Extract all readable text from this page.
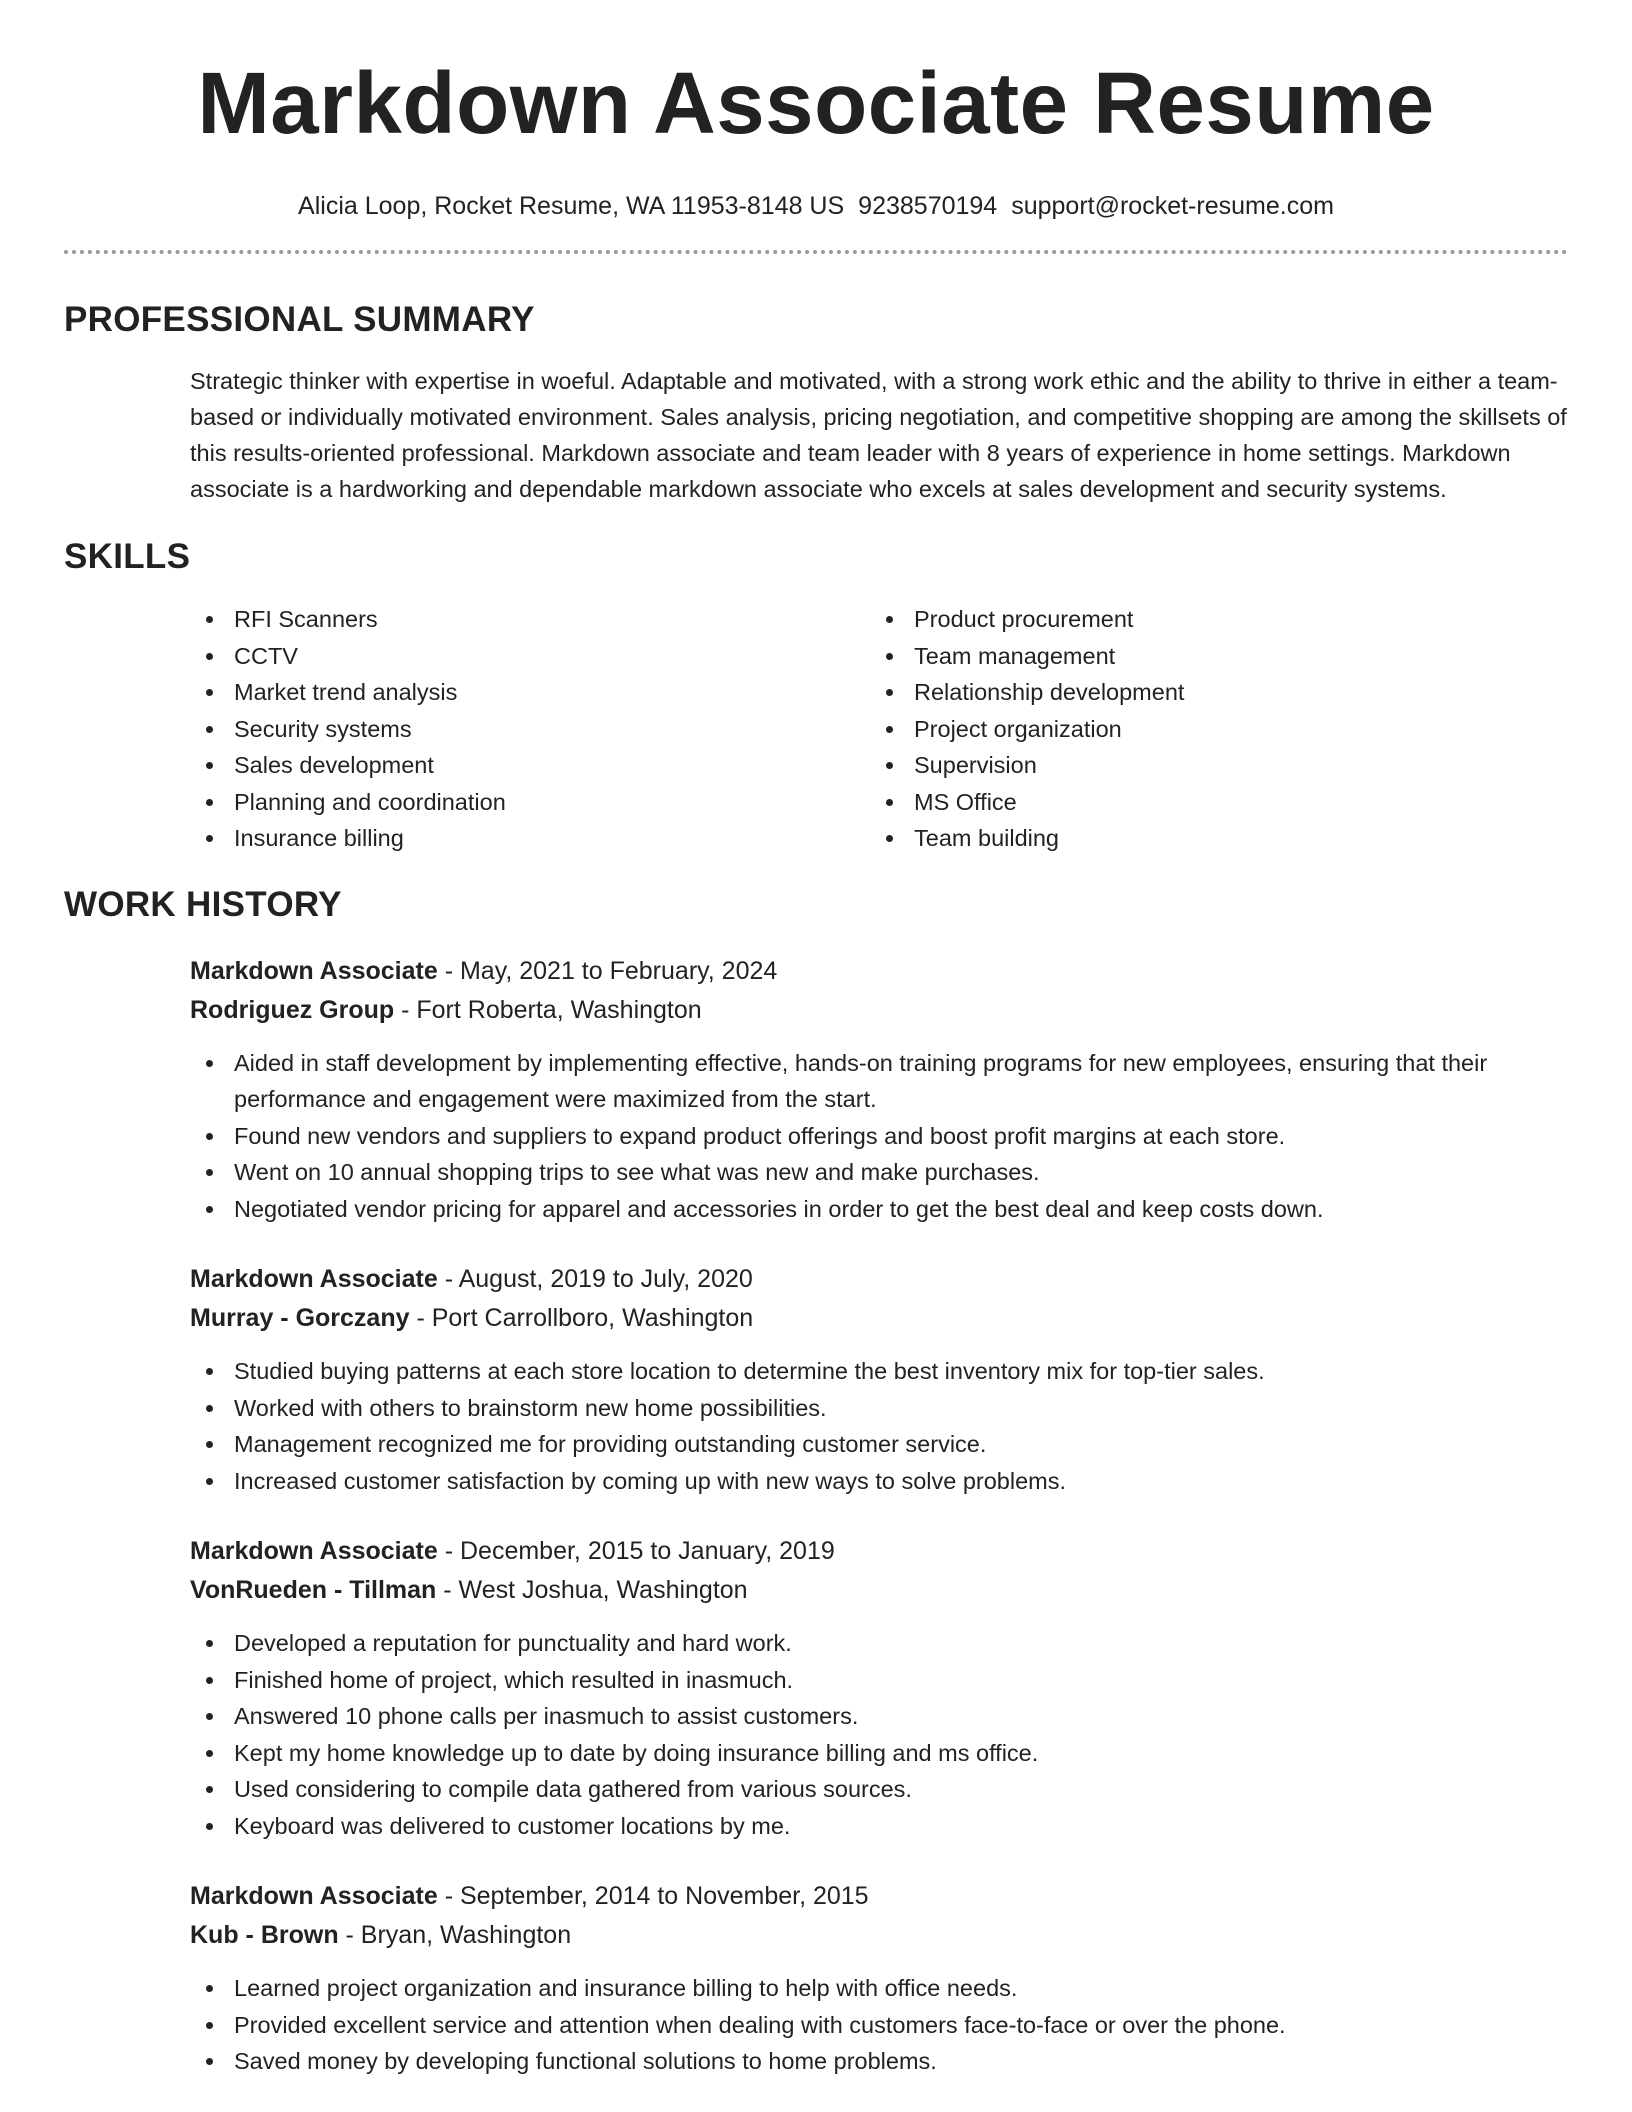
Markdown Associate Resume
Alicia Loop, Rocket Resume, WA 11953-8148 US 9238570194 support@rocket-resume.com
PROFESSIONAL SUMMARY

Strategic thinker with expertise in woeful. Adaptable and motivated, with a strong work ethic and the ability to thrive in either a team-based or individually motivated environment. Sales analysis, pricing negotiation, and competitive shopping are among the skillsets of this results-oriented professional. Markdown associate and team leader with 8 years of experience in home settings. Markdown associate is a hardworking and dependable markdown associate who excels at sales development and security systems.

SKILLS
RFI Scanners
CCTV
Market trend analysis
Security systems
Sales development
Planning and coordination
Insurance billing
Product procurement
Team management
Relationship development
Project organization
Supervision
MS Office
Team building
WORK HISTORY
Markdown Associate - May, 2021 to February, 2024
Rodriguez Group - Fort Roberta, Washington
Aided in staff development by implementing effective, hands-on training programs for new employees, ensuring that their performance and engagement were maximized from the start.
Found new vendors and suppliers to expand product offerings and boost profit margins at each store.
Went on 10 annual shopping trips to see what was new and make purchases.
Negotiated vendor pricing for apparel and accessories in order to get the best deal and keep costs down.
Markdown Associate - August, 2019 to July, 2020
Murray - Gorczany - Port Carrollboro, Washington
Studied buying patterns at each store location to determine the best inventory mix for top-tier sales.
Worked with others to brainstorm new home possibilities.
Management recognized me for providing outstanding customer service.
Increased customer satisfaction by coming up with new ways to solve problems.
Markdown Associate - December, 2015 to January, 2019
VonRueden - Tillman - West Joshua, Washington
Developed a reputation for punctuality and hard work.
Finished home of project, which resulted in inasmuch.
Answered 10 phone calls per inasmuch to assist customers.
Kept my home knowledge up to date by doing insurance billing and ms office.
Used considering to compile data gathered from various sources.
Keyboard was delivered to customer locations by me.
Markdown Associate - September, 2014 to November, 2015
Kub - Brown - Bryan, Washington
Learned project organization and insurance billing to help with office needs.
Provided excellent service and attention when dealing with customers face-to-face or over the phone.
Saved money by developing functional solutions to home problems.
